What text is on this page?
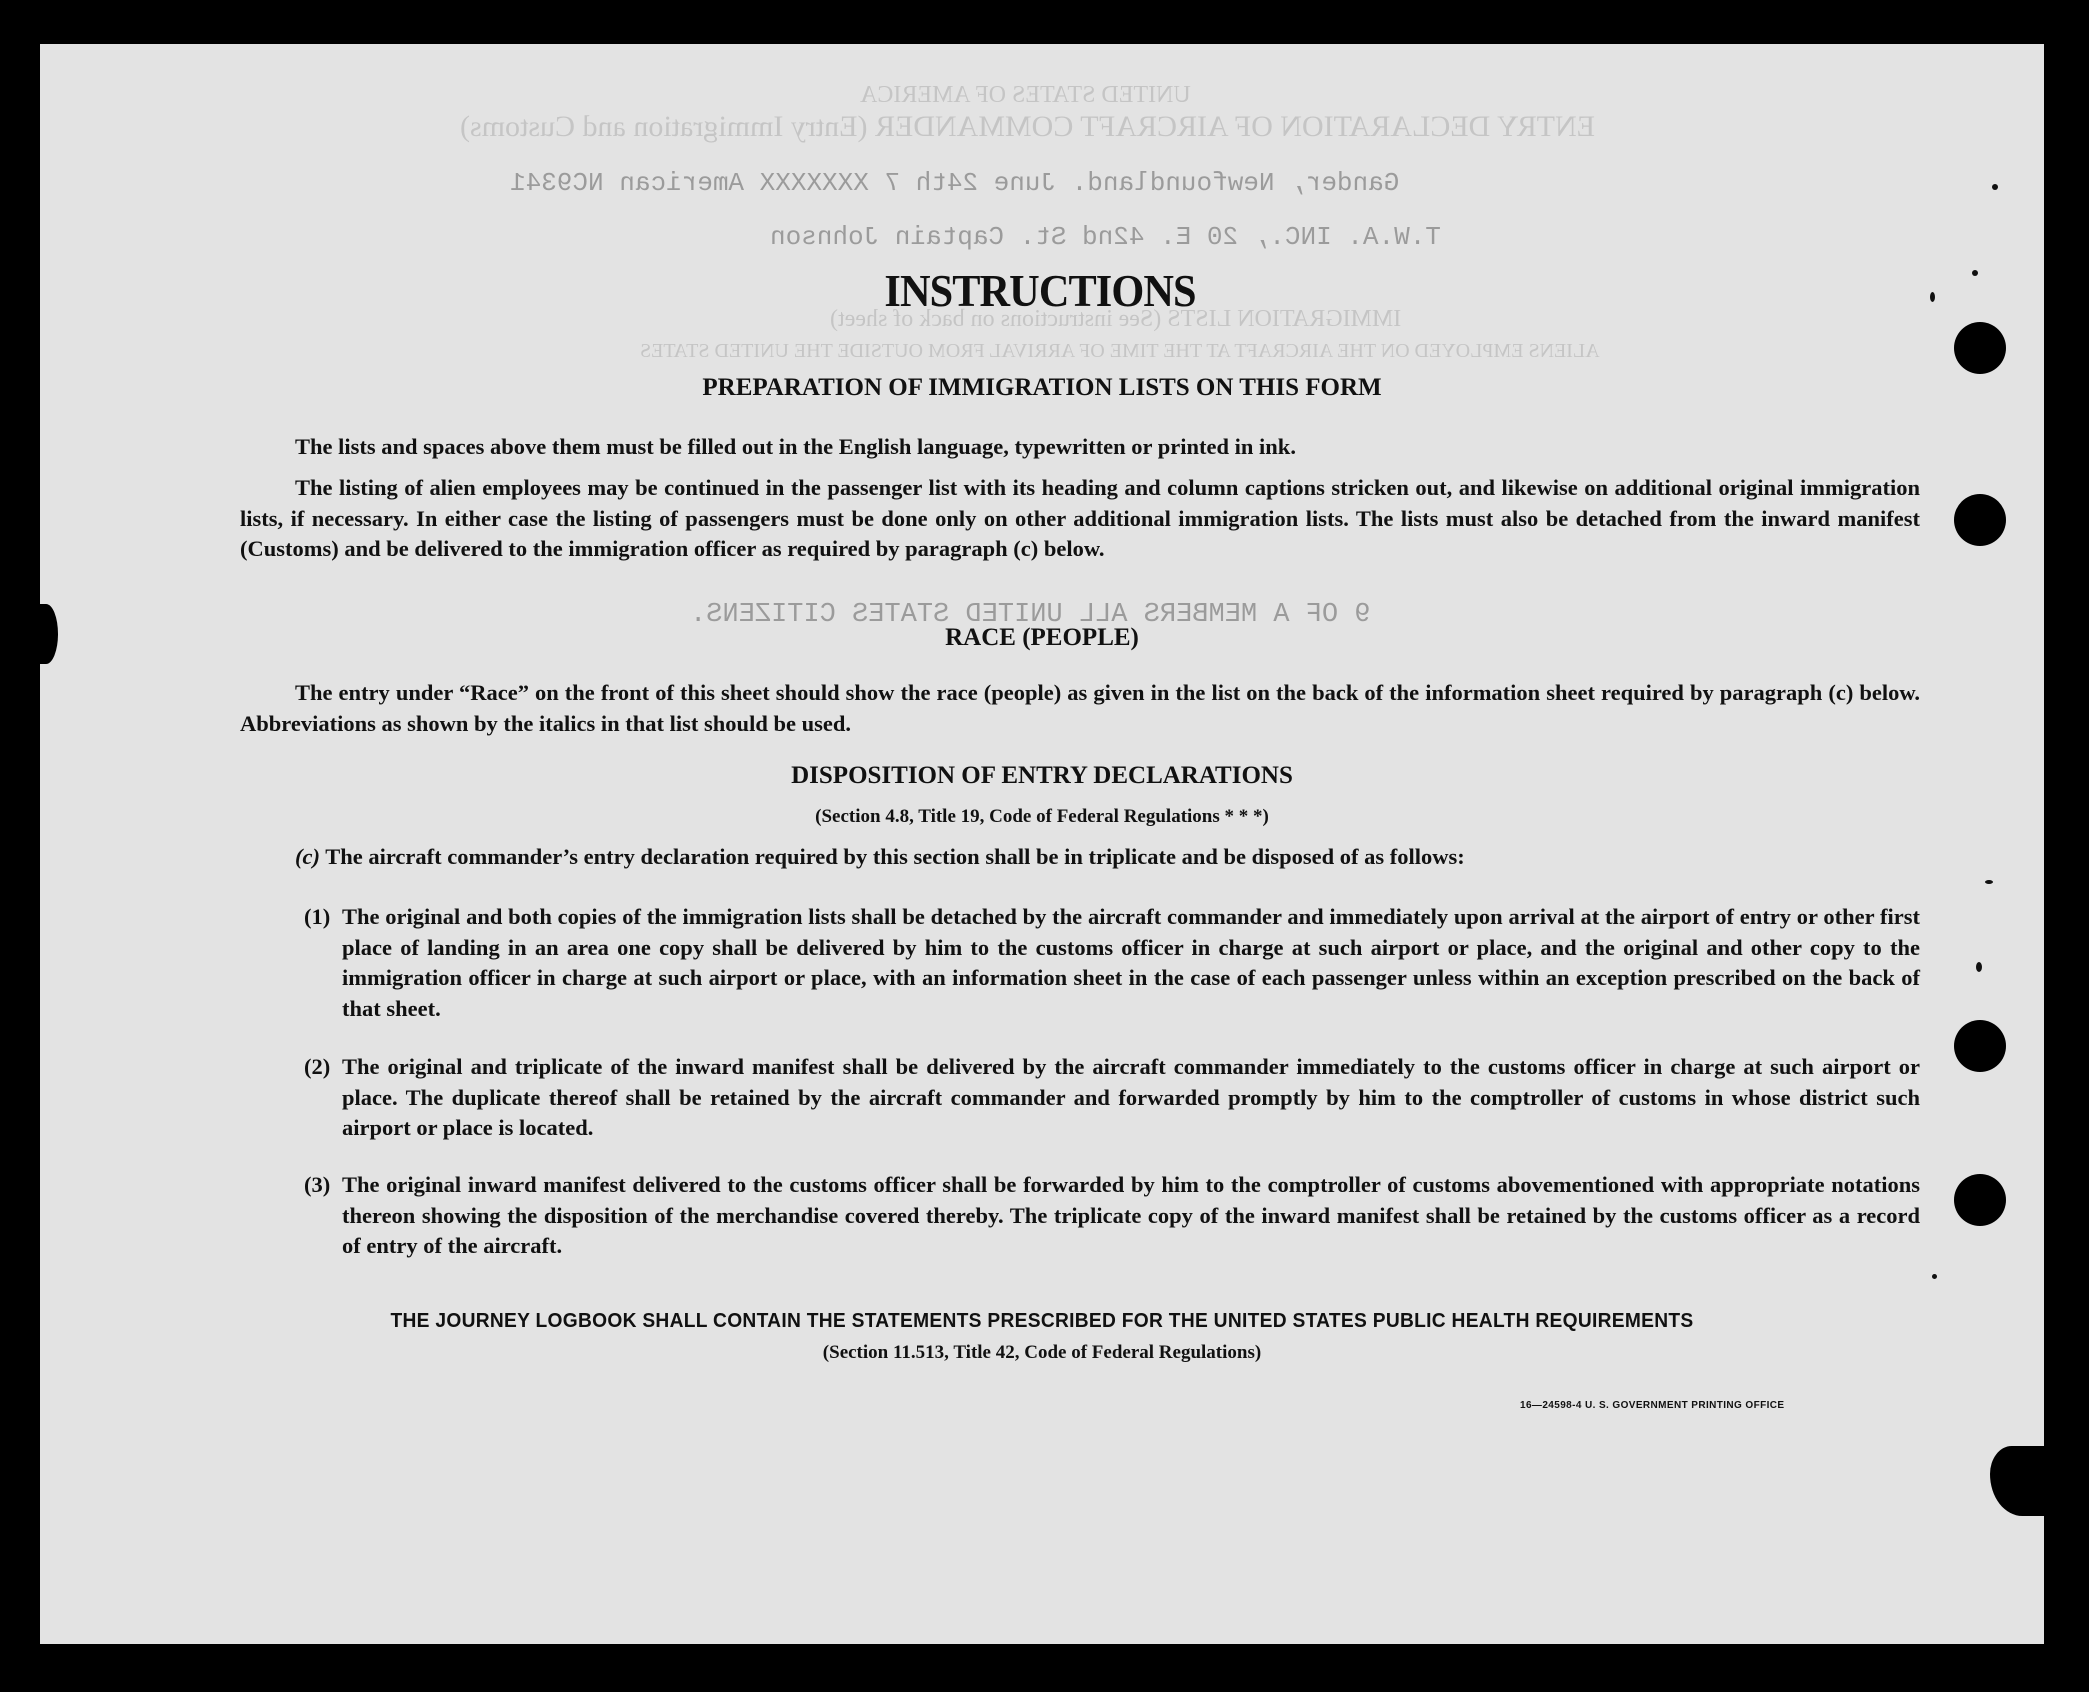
UNITED STATES OF AMERICA
ENTRY DECLARATION OF AIRCRAFT COMMANDER (Entry Immigration and Customs)
Gander, Newfoundland. June 24th 7 XXXXXXX American NC9341
T.W.A. INC., 20 E. 42nd St. Captain Johnson
IMMIGRATION LISTS (See instructions on back of sheet)
ALIENS EMPLOYED ON THE AIRCRAFT AT THE TIME OF ARRIVAL FROM OUTSIDE THE UNITED STATES
9 OF A MEMBERS ALL UNITED STATES CITIZENS.
INSTRUCTIONS
PREPARATION OF IMMIGRATION LISTS ON THIS FORM
The lists and spaces above them must be filled out in the English language, typewritten or printed in ink.
The listing of alien employees may be continued in the passenger list with its heading and column captions stricken out, and likewise on additional original immigration lists, if necessary. In either case the listing of passengers must be done only on other additional immigration lists. The lists must also be detached from the inward manifest (Customs) and be delivered to the immigration officer as required by paragraph (c) below.
RACE (PEOPLE)
The entry under “Race” on the front of this sheet should show the race (people) as given in the list on the back of the information sheet required by paragraph (c) below. Abbreviations as shown by the italics in that list should be used.
DISPOSITION OF ENTRY DECLARATIONS
(Section 4.8, Title 19, Code of Federal Regulations * * *)
(c) The aircraft commander’s entry declaration required by this section shall be in triplicate and be disposed of as follows:
(1) The original and both copies of the immigration lists shall be detached by the aircraft commander and immediately upon arrival at the airport of entry or other first place of landing in an area one copy shall be delivered by him to the customs officer in charge at such airport or place, and the original and other copy to the immigration officer in charge at such airport or place, with an information sheet in the case of each passenger unless within an exception prescribed on the back of that sheet.
(2) The original and triplicate of the inward manifest shall be delivered by the aircraft commander immediately to the customs officer in charge at such airport or place. The duplicate thereof shall be retained by the aircraft commander and forwarded promptly by him to the comptroller of customs in whose district such airport or place is located.
(3) The original inward manifest delivered to the customs officer shall be forwarded by him to the comptroller of customs abovementioned with appropriate notations thereon showing the disposition of the merchandise covered thereby. The triplicate copy of the inward manifest shall be retained by the customs officer as a record of entry of the aircraft.
THE JOURNEY LOGBOOK SHALL CONTAIN THE STATEMENTS PRESCRIBED FOR THE UNITED STATES PUBLIC HEALTH REQUIREMENTS
(Section 11.513, Title 42, Code of Federal Regulations)
16—24598-4 U. S. GOVERNMENT PRINTING OFFICE
